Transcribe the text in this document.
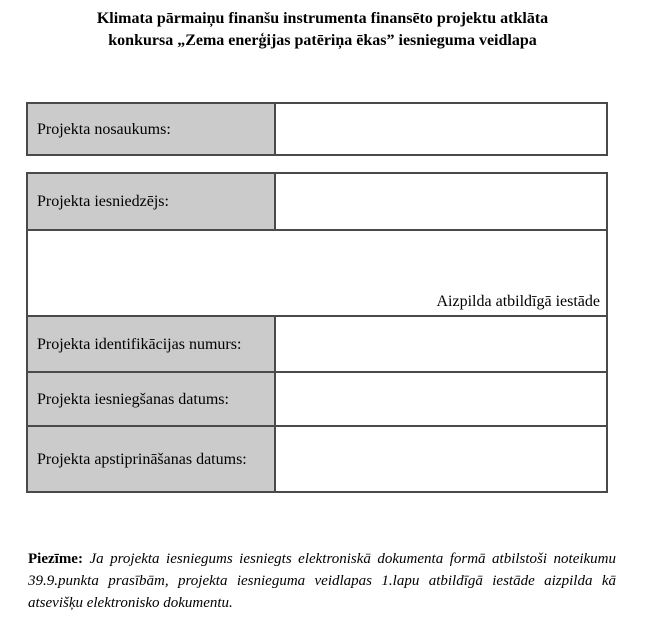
Klimata pārmaiņu finanšu instrumenta finansēto projektu atklāta
konkursa „Zema enerģijas patēriņa ēkas” iesnieguma veidlapa
Projekta nosaukums:
Projekta iesniedzējs:
Aizpilda atbildīgā iestāde
Projekta identifikācijas numurs:
Projekta iesniegšanas datums:
Projekta apstiprināšanas datums:
Piezīme: Ja projekta iesniegums iesniegts elektroniskā dokumenta formā atbilstoši noteikumu 39.9.punkta prasībām, projekta iesnieguma veidlapas 1.lapu atbildīgā iestāde aizpilda kā atsevišķu elektronisko dokumentu.
